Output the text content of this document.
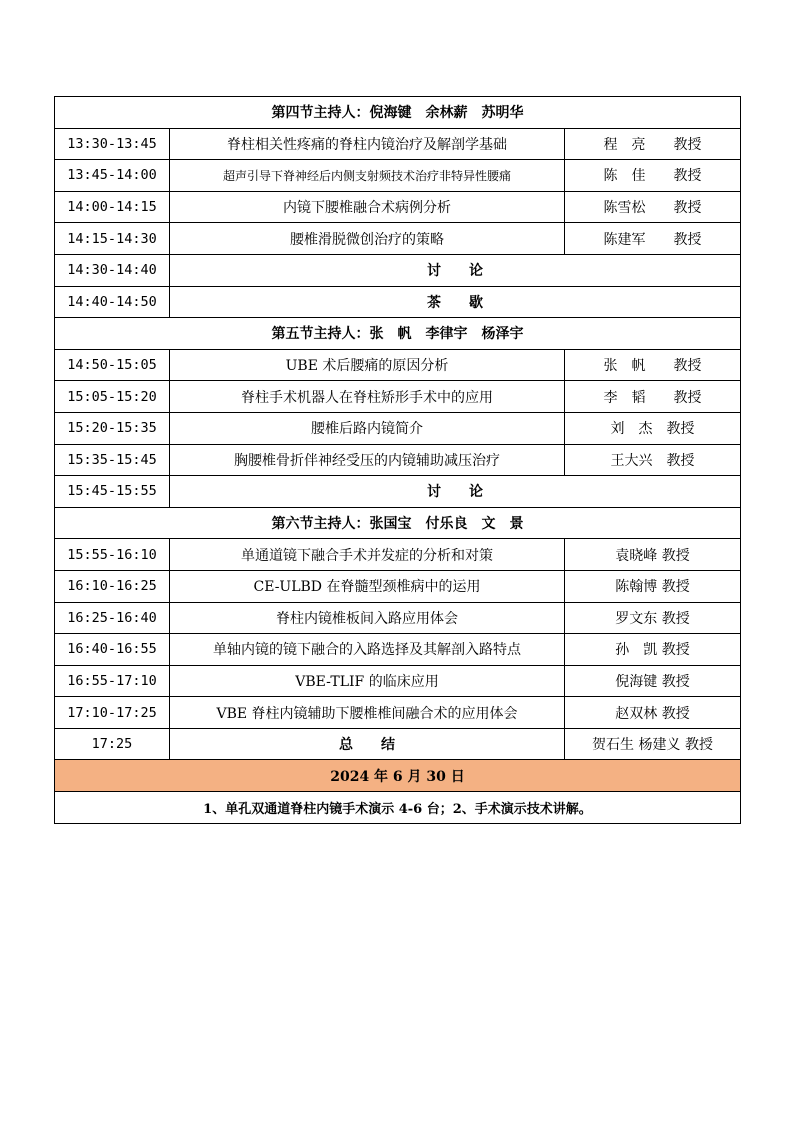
第四节主持人：倪海键　余林薪　苏明华		
13:30-13:45	脊柱相关性疼痛的脊柱内镜治疗及解剖学基础	程　亮　　教授
13:45-14:00	超声引导下脊神经后内侧支射频技术治疗非特异性腰痛	陈　佳　　教授
14:00-14:15	内镜下腰椎融合术病例分析	陈雪松　　教授
14:15-14:30	腰椎滑脱微创治疗的策略	陈建军　　教授
14:30-14:40	讨　　论	
14:40-14:50	茶　　歇	
第五节主持人：张　帆　李律宇　杨泽宇		
14:50-15:05	UBE 术后腰痛的原因分析	张　帆　　教授
15:05-15:20	脊柱手术机器人在脊柱矫形手术中的应用	李　韬　　教授
15:20-15:35	腰椎后路内镜简介	刘　杰　教授
15:35-15:45	胸腰椎骨折伴神经受压的内镜辅助减压治疗	王大兴　教授
15:45-15:55	讨　　论	
第六节主持人：张国宝　付乐良　文　景		
15:55-16:10	单通道镜下融合手术并发症的分析和对策	袁晓峰 教授
16:10-16:25	CE-ULBD 在脊髓型颈椎病中的运用	陈翰博 教授
16:25-16:40	脊柱内镜椎板间入路应用体会	罗文东 教授
16:40-16:55	单轴内镜的镜下融合的入路选择及其解剖入路特点	孙　凯 教授
16:55-17:10	VBE-TLIF 的临床应用	倪海键 教授
17:10-17:25	VBE 脊柱内镜辅助下腰椎椎间融合术的应用体会	赵双林 教授
17:25	总　　结	贺石生 杨建义 教授
2024 年 6 月 30 日		
1、单孔双通道脊柱内镜手术演示 4-6 台；2、手术演示技术讲解。		
